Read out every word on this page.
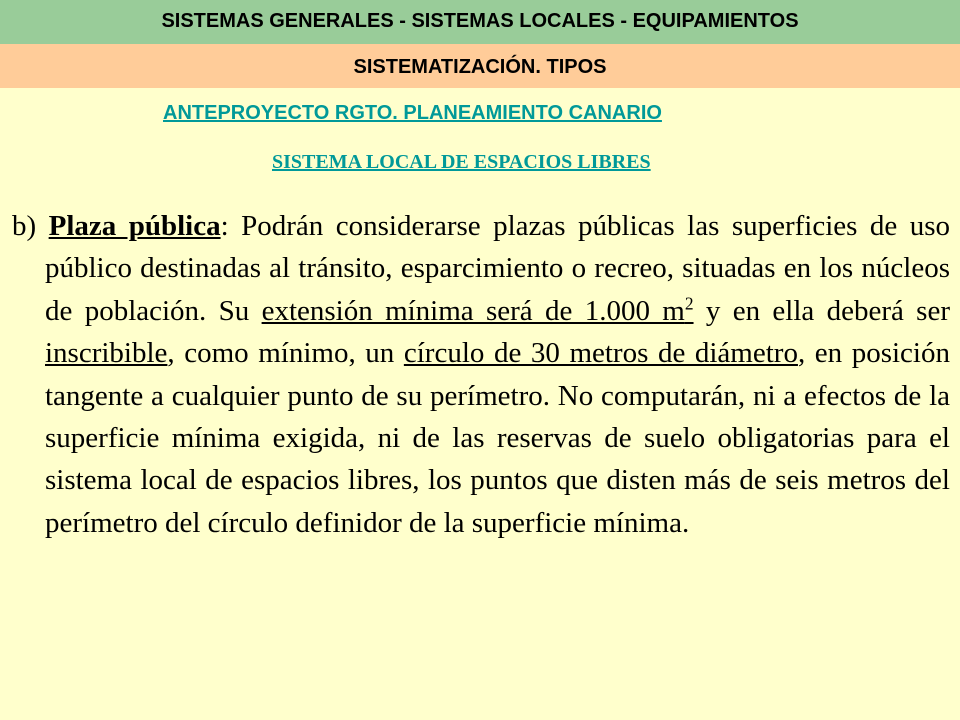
SISTEMAS GENERALES - SISTEMAS LOCALES - EQUIPAMIENTOS
SISTEMATIZACIÓN. TIPOS
ANTEPROYECTO RGTO. PLANEAMIENTO CANARIO
SISTEMA LOCAL DE ESPACIOS LIBRES

b) Plaza pública: Podrán considerarse plazas públicas las superficies de uso público destinadas al tránsito, esparcimiento o recreo, situadas en los núcleos de población. Su extensión mínima será de 1.000 $m^2$ y en ella deberá ser inscribible, como mínimo, un círculo de 30 metros de diámetro, en posición tangente a cualquier punto de su perímetro. No computarán, ni a efectos de la superficie mínima exigida, ni de las reservas de suelo obligatorias para el sistema local de espacios libres, los puntos que disten más de seis metros del perímetro del círculo definidor de la superficie mínima.
